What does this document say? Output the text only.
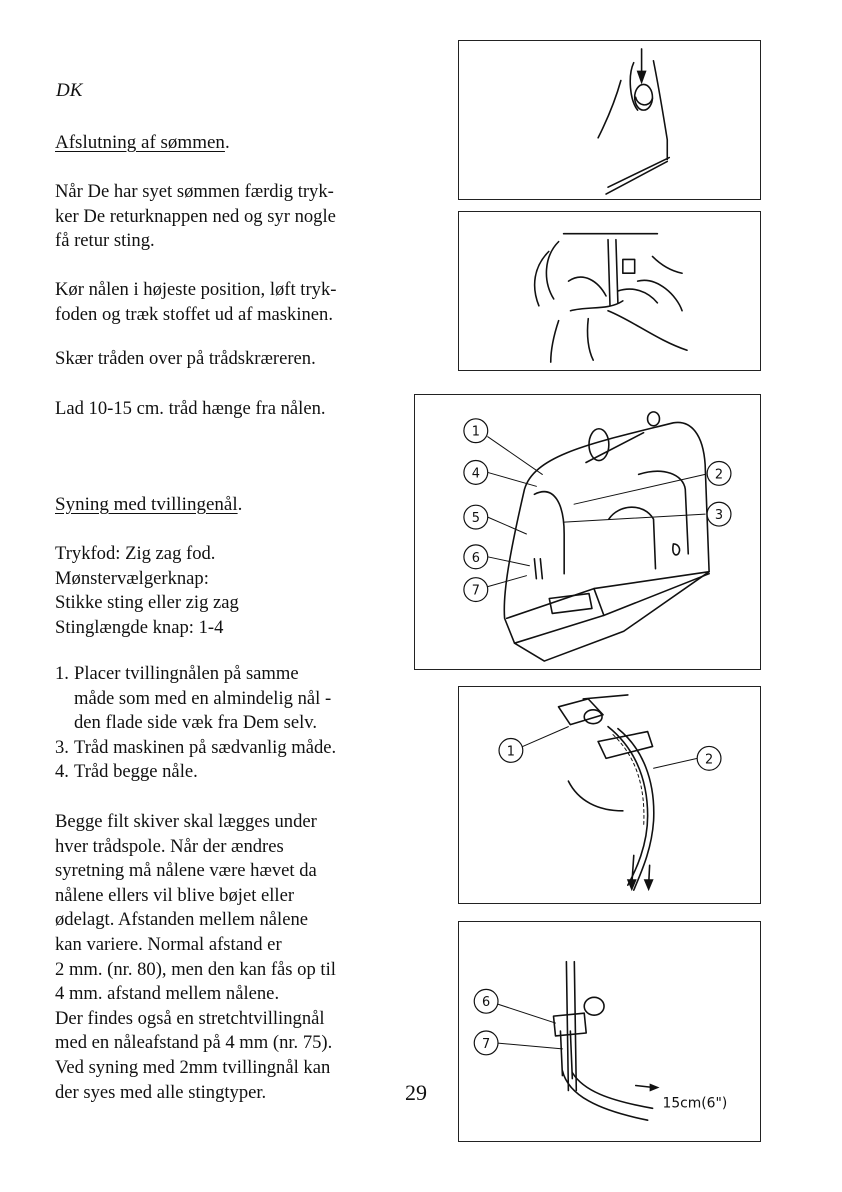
DK
Afslutning af sømmen.

Når De har syet sømmen færdig tryk-

ker De returknappen ned og syr nogle

få retur sting.

Kør nålen i højeste position, løft tryk-

foden og træk stoffet ud af maskinen.

Skær tråden over på trådskræreren.

Lad 10-15 cm. tråd hænge fra nålen.

Syning med tvillingenål.

Trykfod: Zig zag fod.

Mønstervælgerknap:

Stikke sting eller zig zag

Stinglængde knap: 1-4

1. Placer tvillingnålen på samme
måde som med en almindelig nål -
den flade side væk fra Dem selv.
3. Tråd maskinen på sædvanlig måde.
4. Tråd begge nåle.

Begge filt skiver skal lægges under

hver trådspole. Når der ændres

syretning må nålene være hævet da

nålene ellers vil blive bøjet eller

ødelagt. Afstanden mellem nålene

kan variere. Normal afstand er

2 mm. (nr. 80), men den kan fås op til

4 mm. afstand mellem nålene.

Der findes også en stretchtvillingnål

med en nåleafstand på 4 mm (nr. 75).

Ved syning med 2mm tvillingnål kan

der syes med alle stingtyper.	29
1
4
5
6
7
2
3
1
2
6
7
15cm(6")
